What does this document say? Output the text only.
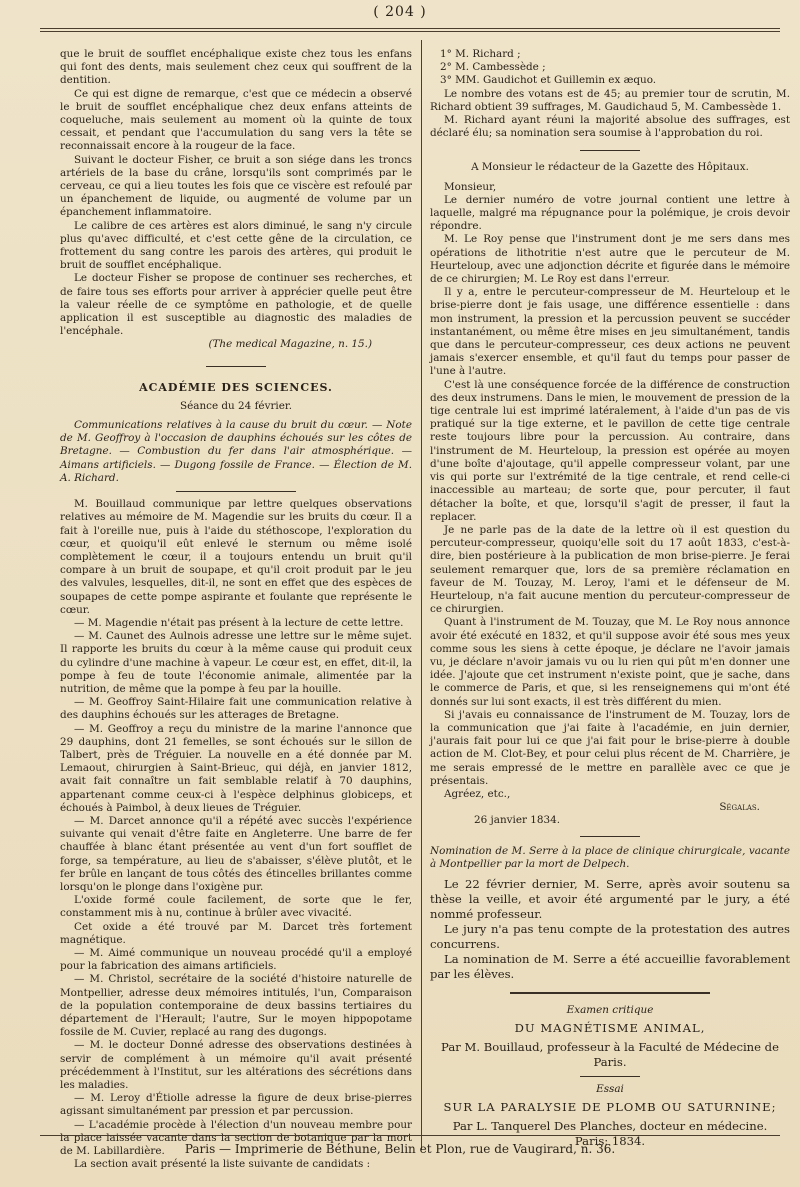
( 204 )

que le bruit de soufflet encéphalique existe chez tous les enfans qui font des dents, mais seulement chez ceux qui souffrent de la dentition.

Ce qui est digne de remarque, c'est que ce médecin a observé le bruit de soufflet encéphalique chez deux enfans atteints de coqueluche, mais seulement au moment où la quinte de toux cessait, et pendant que l'accumulation du sang vers la tête se reconnaissait encore à la rougeur de la face.

Suivant le docteur Fisher, ce bruit a son siége dans les troncs artériels de la base du crâne, lorsqu'ils sont comprimés par le cerveau, ce qui a lieu toutes les fois que ce viscère est refoulé par un épanchement de liquide, ou augmenté de volume par un épanchement inflammatoire.

Le calibre de ces artères est alors diminué, le sang n'y circule plus qu'avec difficulté, et c'est cette gêne de la circulation, ce frottement du sang contre les parois des artères, qui produit le bruit de soufflet encéphalique.

Le docteur Fisher se propose de continuer ses recherches, et de faire tous ses efforts pour arriver à apprécier quelle peut être la valeur réelle de ce symptôme en pathologie, et de quelle application il est susceptible au diagnostic des maladies de l'encéphale.

(The medical Magazine, n. 15.)

ACADÉMIE DES SCIENCES.

Séance du 24 février.

Communications relatives à la cause du bruit du cœur. — Note de M. Geoffroy à l'occasion de dauphins échoués sur les côtes de Bretagne. — Combustion du fer dans l'air atmosphérique. — Aimans artificiels. — Dugong fossile de France. — Élection de M. A. Richard.

M. Bouillaud communique par lettre quelques observations relatives au mémoire de M. Magendie sur les bruits du cœur. Il a fait à l'oreille nue, puis à l'aide du stéthoscope, l'exploration du cœur, et quoiqu'il eût enlevé le sternum ou même isolé complètement le cœur, il a toujours entendu un bruit qu'il compare à un bruit de soupape, et qu'il croit produit par le jeu des valvules, lesquelles, dit-il, ne sont en effet que des espèces de soupapes de cette pompe aspirante et foulante que représente le cœur.

— M. Magendie n'était pas présent à la lecture de cette lettre.

— M. Caunet des Aulnois adresse une lettre sur le même sujet. Il rapporte les bruits du cœur à la même cause qui produit ceux du cylindre d'une machine à vapeur. Le cœur est, en effet, dit-il, la pompe à feu de toute l'économie animale, alimentée par la nutrition, de même que la pompe à feu par la houille.

— M. Geoffroy Saint-Hilaire fait une communication relative à des dauphins échoués sur les atterages de Bretagne.

— M. Geoffroy a reçu du ministre de la marine l'annonce que 29 dauphins, dont 21 femelles, se sont échoués sur le sillon de Talbert, près de Tréguier. La nouvelle en a été donnée par M. Lemaout, chirurgien à Saint-Brieuc, qui déjà, en janvier 1812, avait fait connaître un fait semblable relatif à 70 dauphins, appartenant comme ceux-ci à l'espèce delphinus globiceps, et échoués à Paimbol, à deux lieues de Tréguier.

— M. Darcet annonce qu'il a répété avec succès l'expérience suivante qui venait d'être faite en Angleterre. Une barre de fer chauffée à blanc étant présentée au vent d'un fort soufflet de forge, sa température, au lieu de s'abaisser, s'élève plutôt, et le fer brûle en lançant de tous côtés des étincelles brillantes comme lorsqu'on le plonge dans l'oxigène pur.

L'oxide formé coule facilement, de sorte que le fer, constamment mis à nu, continue à brûler avec vivacité.

Cet oxide a été trouvé par M. Darcet très fortement magnétique.

— M. Aimé communique un nouveau procédé qu'il a employé pour la fabrication des aimans artificiels.

— M. Christol, secrétaire de la société d'histoire naturelle de Montpellier, adresse deux mémoires intitulés, l'un, Comparaison de la population contemporaine de deux bassins tertiaires du département de l'Herault; l'autre, Sur le moyen hippopotame fossile de M. Cuvier, replacé au rang des dugongs.

— M. le docteur Donné adresse des observations destinées à servir de complément à un mémoire qu'il avait présenté précédemment à l'Institut, sur les altérations des sécrétions dans les maladies.

— M. Leroy d'Étiolle adresse la figure de deux brise-pierres agissant simultanément par pression et par percussion.

— L'académie procède à l'élection d'un nouveau membre pour la place laissée vacante dans la section de botanique par la mort de M. Labillardière.

La section avait présenté la liste suivante de candidats :

1° M. Richard ;

2° M. Cambessède ;

3° MM. Gaudichot et Guillemin ex æquo.

Le nombre des votans est de 45; au premier tour de scrutin, M. Richard obtient 39 suffrages, M. Gaudichaud 5, M. Cambessède 1.

M. Richard ayant réuni la majorité absolue des suffrages, est déclaré élu; sa nomination sera soumise à l'approbation du roi.

A Monsieur le rédacteur de la Gazette des Hôpitaux.

Monsieur,

Le dernier numéro de votre journal contient une lettre à laquelle, malgré ma répugnance pour la polémique, je crois devoir répondre.

M. Le Roy pense que l'instrument dont je me sers dans mes opérations de lithotritie n'est autre que le percuteur de M. Heurteloup, avec une adjonction décrite et figurée dans le mémoire de ce chirurgien; M. Le Roy est dans l'erreur.

Il y a, entre le percuteur-compresseur de M. Heurteloup et le brise-pierre dont je fais usage, une différence essentielle : dans mon instrument, la pression et la percussion peuvent se succéder instantanément, ou même être mises en jeu simultanément, tandis que dans le percuteur-compresseur, ces deux actions ne peuvent jamais s'exercer ensemble, et qu'il faut du temps pour passer de l'une à l'autre.

C'est là une conséquence forcée de la différence de construction des deux instrumens. Dans le mien, le mouvement de pression de la tige centrale lui est imprimé latéralement, à l'aide d'un pas de vis pratiqué sur la tige externe, et le pavillon de cette tige centrale reste toujours libre pour la percussion. Au contraire, dans l'instrument de M. Heurteloup, la pression est opérée au moyen d'une boîte d'ajoutage, qu'il appelle compresseur volant, par une vis qui porte sur l'extrémité de la tige centrale, et rend celle-ci inaccessible au marteau; de sorte que, pour percuter, il faut détacher la boîte, et que, lorsqu'il s'agit de presser, il faut la replacer.

Je ne parle pas de la date de la lettre où il est question du percuteur-compresseur, quoiqu'elle soit du 17 août 1833, c'est-à-dire, bien postérieure à la publication de mon brise-pierre. Je ferai seulement remarquer que, lors de sa première réclamation en faveur de M. Touzay, M. Leroy, l'ami et le défenseur de M. Heurteloup, n'a fait aucune mention du percuteur-compresseur de ce chirurgien.

Quant à l'instrument de M. Touzay, que M. Le Roy nous annonce avoir été exécuté en 1832, et qu'il suppose avoir été sous mes yeux comme sous les siens à cette époque, je déclare ne l'avoir jamais vu, je déclare n'avoir jamais vu ou lu rien qui pût m'en donner une idée. J'ajoute que cet instrument n'existe point, que je sache, dans le commerce de Paris, et que, si les renseignemens qui m'ont été donnés sur lui sont exacts, il est très différent du mien.

Si j'avais eu connaissance de l'instrument de M. Touzay, lors de la communication que j'ai faite à l'académie, en juin dernier, j'aurais fait pour lui ce que j'ai fait pour le brise-pierre à double action de M. Clot-Bey, et pour celui plus récent de M. Charrière, je me serais empressé de le mettre en parallèle avec ce que je présentais.

Agréez, etc.,

Ségalas.

26 janvier 1834.

Nomination de M. Serre à la place de clinique chirurgicale, vacante à Montpellier par la mort de Delpech.

Le 22 février dernier, M. Serre, après avoir soutenu sa thèse la veille, et avoir été argumenté par le jury, a été nommé professeur.

Le jury n'a pas tenu compte de la protestation des autres concurrens.

La nomination de M. Serre a été accueillie favorablement par les élèves.

Examen critique

DU MAGNÉTISME ANIMAL,

Par M. Bouillaud, professeur à la Faculté de Médecine de Paris.

Essai

SUR LA PARALYSIE DE PLOMB OU SATURNINE;

Par L. Tanquerel Des Planches, docteur en médecine.

Paris; 1834.

Paris — Imprimerie de Béthune, Belin et Plon, rue de Vaugirard, n. 36.
